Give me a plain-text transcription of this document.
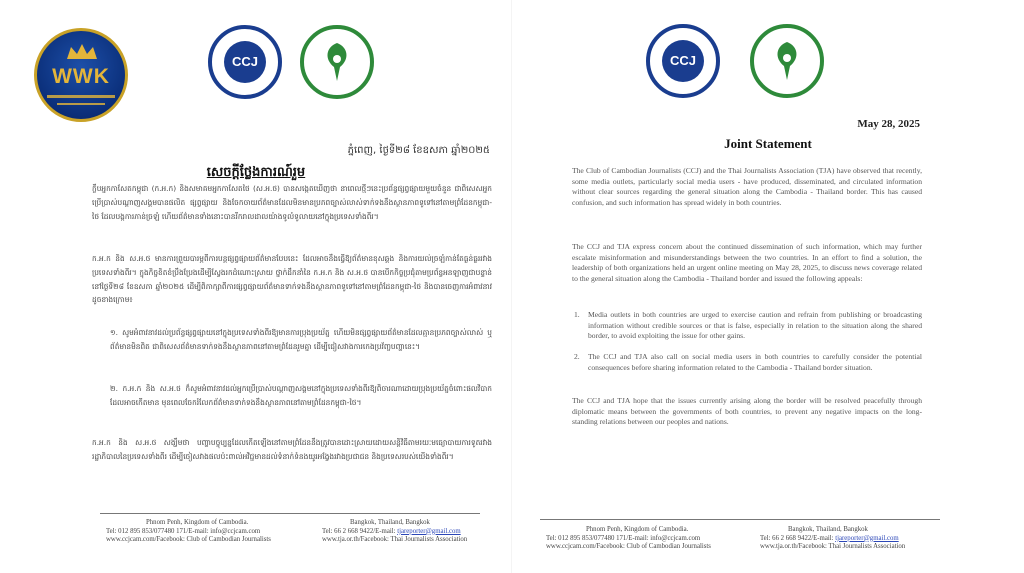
WWK
CCJ
ភ្នំពេញ, ថ្ងៃទី២៨ ខែឧសភា ឆ្នាំ២០២៥
សេចក្តីថ្លែងការណ៍រួម
ក្លឹបអ្នកកាសែតកម្ពុជា (ក.អ.ក) និងសមាគមអ្នកកាសែតថៃ (ស.អ.ថ) បានសង្កេតឃើញថា នាពេលថ្មីៗនេះប្រព័ន្ធផ្សព្វផ្សាយមួយចំនួន ជាពិសេសអ្នកប្រើប្រាស់បណ្ដាញសង្គមបានផលិត ផ្សព្វផ្សាយ និងចែកចាយព័ត៌មានដែលមិនមានប្រភពច្បាស់លាស់ទាក់ទងនឹងស្ថានភាពទូទៅនៅតាមព្រំដែនកម្ពុជា-ថៃ ដែលបង្កការភាន់ច្រឡំ ហើយព័ត៌មានទាំងនោះបានរីករាលដាលយ៉ាងទូលំទូលាយនៅក្នុងប្រទេសទាំងពីរ។
ក.អ.ក និង ស.អ.ថ មានការព្រួយបារម្ភពីការបន្តផ្សព្វផ្សាយព័ត៌មានបែបនេះ ដែលអាចនឹងធ្វើឱ្យព័ត៌មានខុសឆ្គង និងការយល់ច្រឡំកាន់តែធ្ងន់ធ្ងររវាងប្រទេសទាំងពីរ។ ក្នុងកិច្ចខិតខំប្រឹងប្រែងដើម្បីស្វែងរកដំណោះស្រាយ ថ្នាក់ដឹកនាំនៃ ក.អ.ក និង ស.អ.ថ បានបើកកិច្ចប្រជុំតាមប្រព័ន្ធអនឡាញជាបន្ទាន់ នៅថ្ងៃទី២៨ ខែឧសភា ឆ្នាំ២០២៥ ដើម្បីពិភាក្សាពីការផ្សព្វផ្សាយព័ត៌មានទាក់ទងនឹងស្ថានភាពទូទៅនៅតាមព្រំដែនកម្ពុជា-ថៃ និងបានចេញការអំពាវនាវដូចខាងក្រោម៖
១. សូមអំពាវនាវដល់ប្រព័ន្ធផ្សព្វផ្សាយនៅក្នុងប្រទេសទាំងពីរឱ្យមានការប្រុងប្រយ័ត្ន ហើយមិនផ្សព្វផ្សាយព័ត៌មានដែលគ្មានប្រភពច្បាស់លាស់ ឬព័ត៌មានមិនពិត ជាពិសេសព័ត៌មានទាក់ទងនឹងស្ថានភាពនៅតាមព្រំដែនរួមគ្នា ដើម្បីជៀសវាងការកេងប្រវ័ញ្ចបញ្ហានេះ។
២. ក.អ.ក និង ស.អ.ថ ក៏សូមអំពាវនាវដល់អ្នកប្រើប្រាស់បណ្ដាញសង្គមនៅក្នុងប្រទេសទាំងពីរឱ្យពិចារណាដោយប្រុងប្រយ័ត្នចំពោះផលវិបាកដែលអាចកើតមាន មុនពេលចែករំលែកព័ត៌មានទាក់ទងនឹងស្ថានភាពនៅតាមព្រំដែនកម្ពុជា-ថៃ។
ក.អ.ក និង ស.អ.ថ សង្ឃឹមថា បញ្ហាបច្ចុប្បន្នដែលកើតឡើងនៅតាមព្រំដែននឹងត្រូវបានដោះស្រាយដោយសន្តិវិធីតាមរយៈមធ្យោបាយការទូតរវាងរដ្ឋាភិបាលនៃប្រទេសទាំងពីរ ដើម្បីចៀសវាងផលប៉ះពាល់អវិជ្ជមានដល់ទំនាក់ទំនងយូរអង្វែងរវាងប្រជាជន និងប្រទេសរបស់យើងទាំងពីរ។
Phnom Penh, Kingdom of Cambodia.
Tel: 012 895 853/077480 171/E-mail: info@ccjcam.com
www.ccjcam.com/Facebook: Club of Cambodian Journalists
Bangkok, Thailand, Bangkok
Tel: 66 2 668 9422/E-mail: tjareporter@gmail.com
www.tja.or.th/Facebook: Thai Journalists Association
CCJ
May 28, 2025
Joint Statement
The Club of Cambodian Journalists (CCJ) and the Thai Journalists Association (TJA) have observed that recently, some media outlets, particularly social media users - have produced, disseminated, and circulated information without clear sources regarding the general situation along the Cambodia - Thailand border. This has caused confusion, and such information has spread widely in both countries.
The CCJ and TJA express concern about the continued dissemination of such information, which may further escalate misinformation and misunderstandings between the two countries. In an effort to find a solution, the leadership of both organizations held an urgent online meeting on May 28, 2025, to discuss news coverage related to the general situation along the Cambodia - Thailand border and issued the following appeals:
1. Media outlets in both countries are urged to exercise caution and refrain from publishing or broadcasting information without credible sources or that is false, especially in relation to the situation along the shared border, to avoid exploiting the issue for other gains.
2. The CCJ and TJA also call on social media users in both countries to carefully consider the potential consequences before sharing information related to the Cambodia - Thailand border situation.
The CCJ and TJA hope that the issues currently arising along the border will be resolved peacefully through diplomatic means between the governments of both countries, to prevent any negative impacts on the long-standing relations between our peoples and nations.
Phnom Penh, Kingdom of Cambodia.
Tel: 012 895 853/077480 171/E-mail: info@ccjcam.com
www.ccjcam.com/Facebook: Club of Cambodian Journalists
Bangkok, Thailand, Bangkok
Tel: 66 2 668 9422/E-mail: tjareporter@gmail.com
www.tja.or.th/Facebook: Thai Journalists Association
